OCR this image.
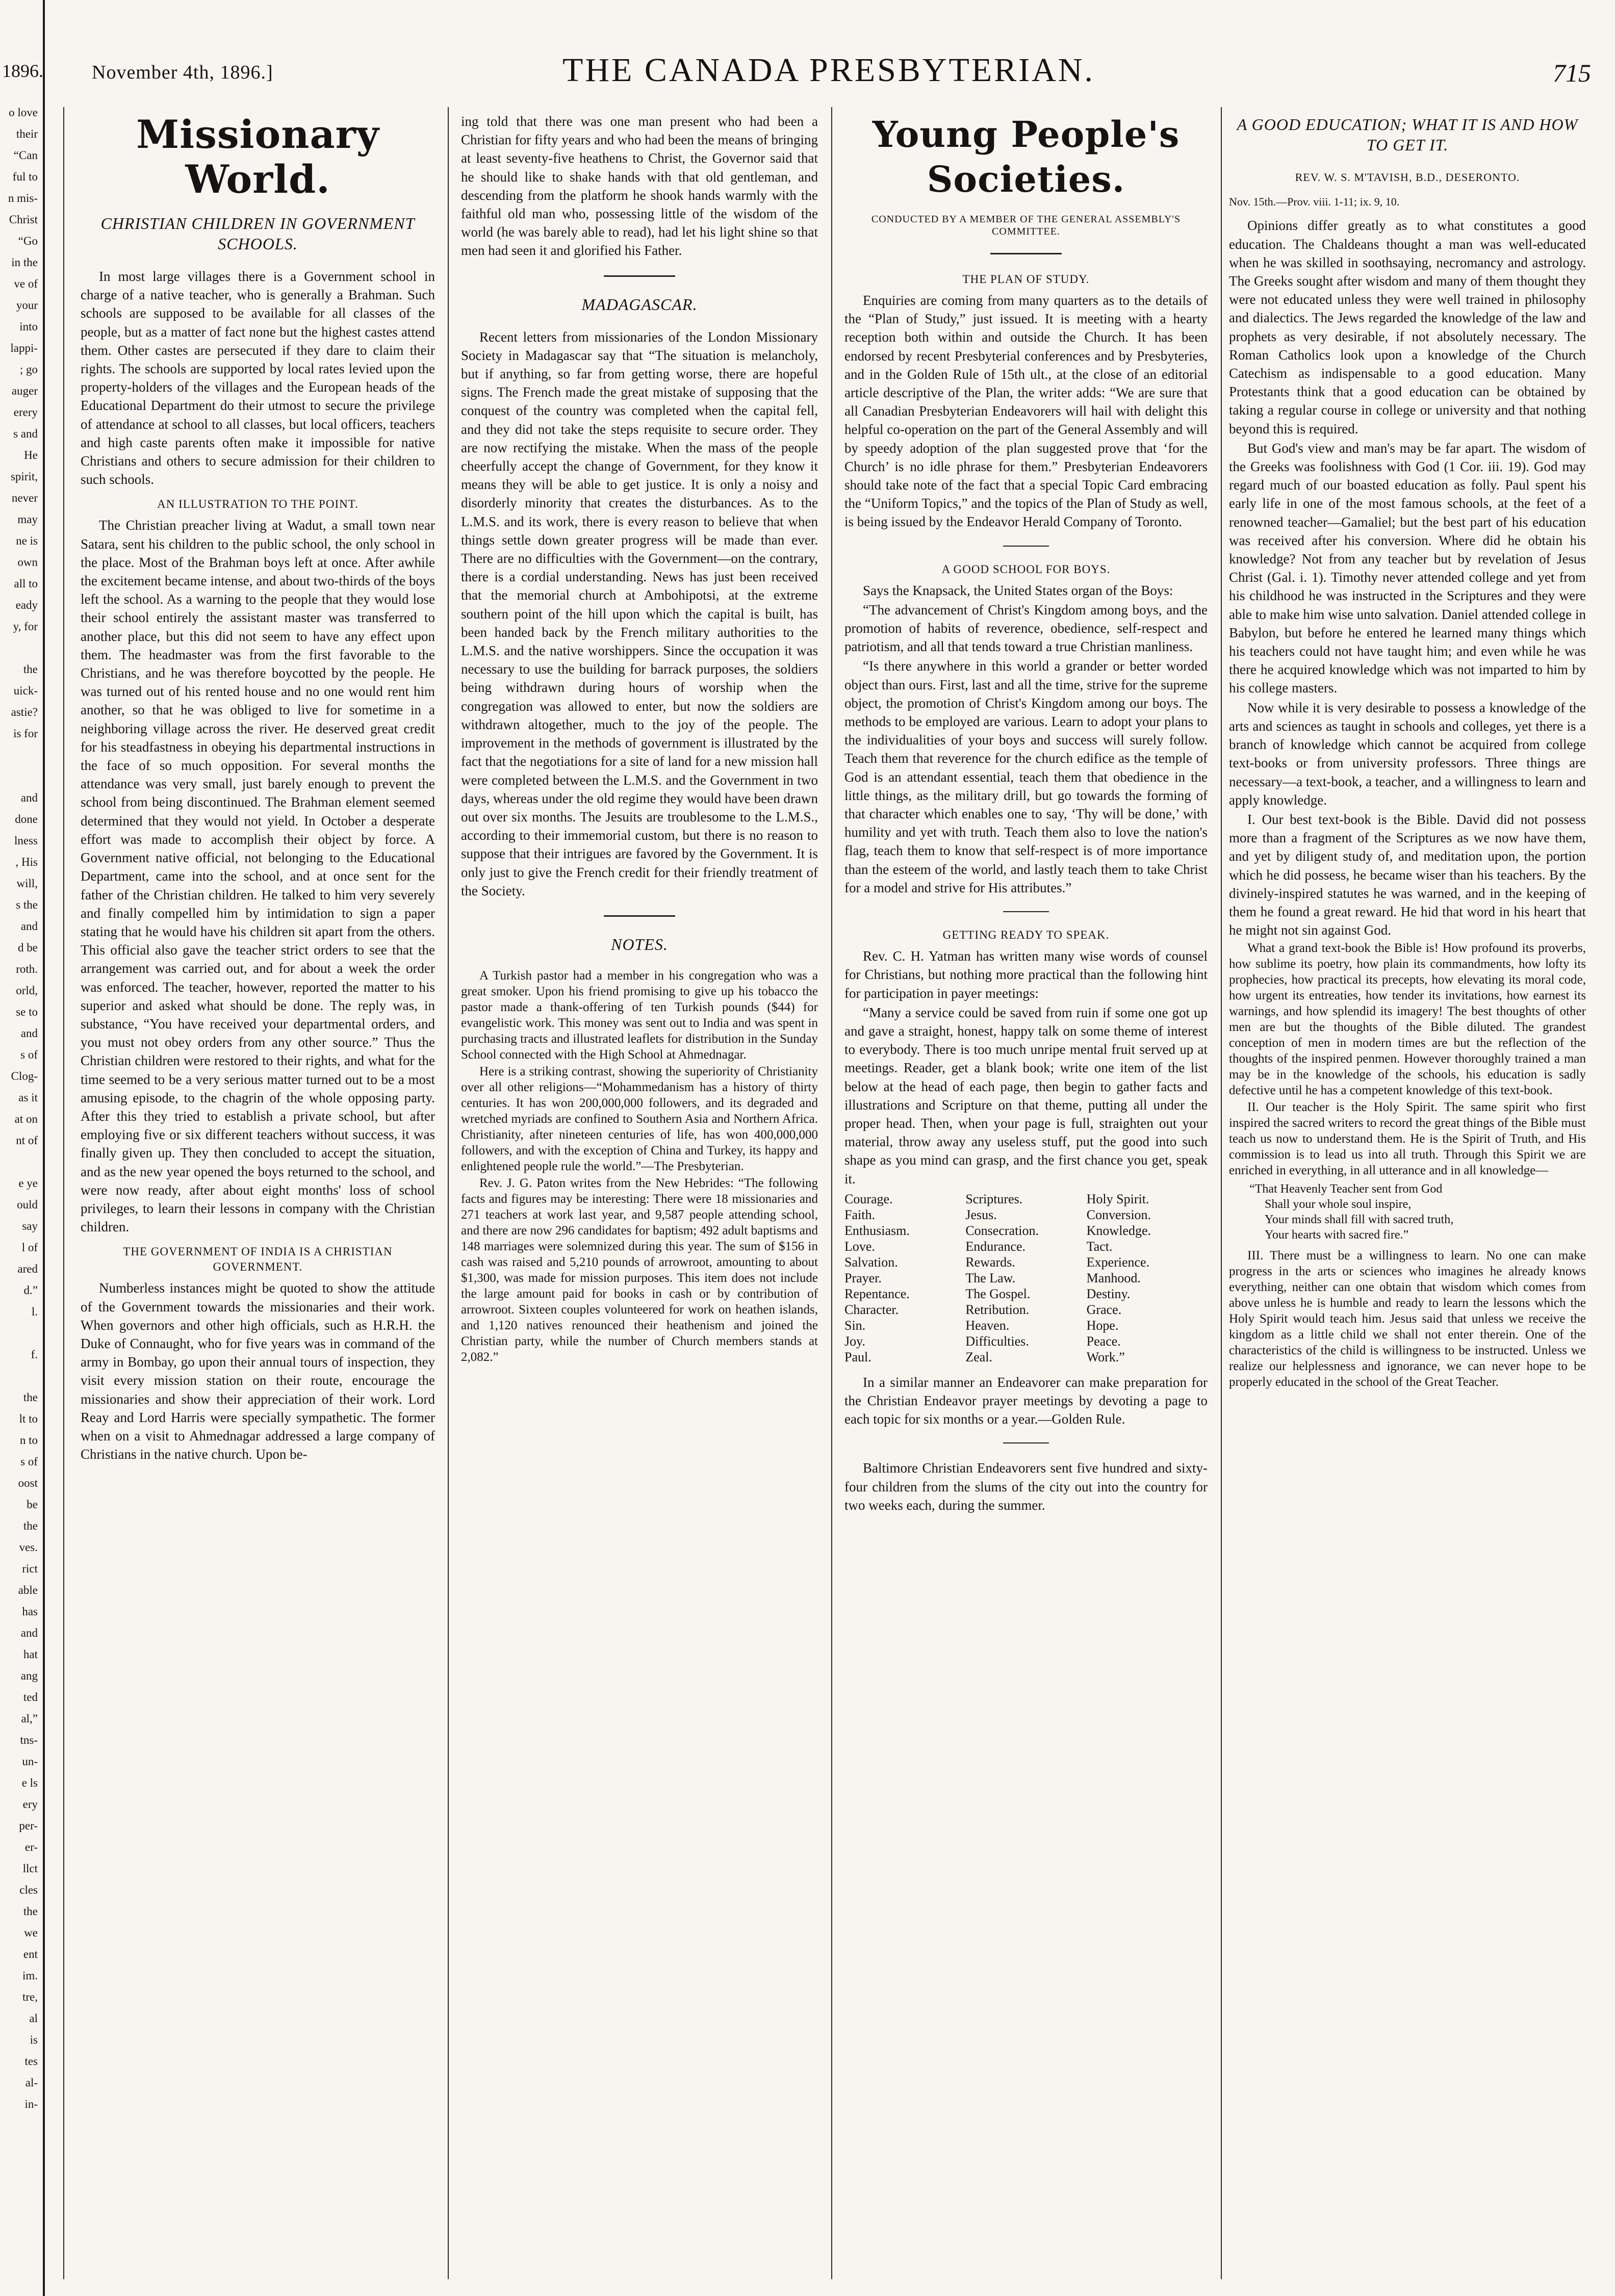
o love
their
“Can
ful to
n mis-
Christ
“Go
in the
ve of
your
into
lappi-
; go
auger
erery
s and
He
spirit,
never
may
ne is
own
all to
eady
y, for

the
uick-
astie?
is for

and
done
lness
, His
will,
s the
and
d be
roth.
orld,
se to
and
s of
Clog-
as it
at on
nt of

e ye
ould
say
l of
ared
d.”
l.

f.

the
lt to
n to
s of
oost
be
the
ves.
rict
able
has
and
hat
ang
ted
al,”
tns-
un-
e ls
ery
per-
er-
llct
cles
the
we
ent
im.
tre,
al
is
tes
al-
in-
1896.	November 4th, 1896.]	THE CANADA PRESBYTERIAN.	715
Missionary World.
CHRISTIAN CHILDREN IN GOVERNMENT SCHOOLS.

In most large villages there is a Government school in charge of a native teacher, who is generally a Brahman. Such schools are supposed to be available for all classes of the people, but as a matter of fact none but the highest castes attend them. Other castes are persecuted if they dare to claim their rights. The schools are supported by local rates levied upon the property-holders of the villages and the European heads of the Educational Department do their utmost to secure the privilege of attendance at school to all classes, but local officers, teachers and high caste parents often make it impossible for native Christians and others to secure admission for their children to such schools.

AN ILLUSTRATION TO THE POINT.

The Christian preacher living at Wadut, a small town near Satara, sent his children to the public school, the only school in the place. Most of the Brahman boys left at once. After awhile the excitement became intense, and about two-thirds of the boys left the school. As a warning to the people that they would lose their school entirely the assistant master was transferred to another place, but this did not seem to have any effect upon them. The headmaster was from the first favorable to the Christians, and he was therefore boycotted by the people. He was turned out of his rented house and no one would rent him another, so that he was obliged to live for sometime in a neighboring village across the river. He deserved great credit for his steadfastness in obeying his departmental instructions in the face of so much opposition. For several months the attendance was very small, just barely enough to prevent the school from being discontinued. The Brahman element seemed determined that they would not yield. In October a desperate effort was made to accomplish their object by force. A Government native official, not belonging to the Educational Department, came into the school, and at once sent for the father of the Christian children. He talked to him very severely and finally compelled him by intimidation to sign a paper stating that he would have his children sit apart from the others. This official also gave the teacher strict orders to see that the arrangement was carried out, and for about a week the order was enforced. The teacher, however, reported the matter to his superior and asked what should be done. The reply was, in substance, “You have received your departmental orders, and you must not obey orders from any other source.” Thus the Christian children were restored to their rights, and what for the time seemed to be a very serious matter turned out to be a most amusing episode, to the chagrin of the whole opposing party. After this they tried to establish a private school, but after employing five or six different teachers without success, it was finally given up. They then concluded to accept the situation, and as the new year opened the boys returned to the school, and were now ready, after about eight months' loss of school privileges, to learn their lessons in company with the Christian children.

THE GOVERNMENT OF INDIA IS A CHRISTIAN GOVERNMENT.

Numberless instances might be quoted to show the attitude of the Government towards the missionaries and their work. When governors and other high officials, such as H.R.H. the Duke of Connaught, who for five years was in command of the army in Bombay, go upon their annual tours of inspection, they visit every mission station on their route, encourage the missionaries and show their appreciation of their work. Lord Reay and Lord Harris were specially sympathetic. The former when on a visit to Ahmednagar addressed a large company of Christians in the native church. Upon be-

ing told that there was one man present who had been a Christian for fifty years and who had been the means of bringing at least seventy-five heathens to Christ, the Governor said that he should like to shake hands with that old gentleman, and descending from the platform he shook hands warmly with the faithful old man who, possessing little of the wisdom of the world (he was barely able to read), had let his light shine so that men had seen it and glorified his Father.

MADAGASCAR.

Recent letters from missionaries of the London Missionary Society in Madagascar say that “The situation is melancholy, but if anything, so far from getting worse, there are hopeful signs. The French made the great mistake of supposing that the conquest of the country was completed when the capital fell, and they did not take the steps requisite to secure order. They are now rectifying the mistake. When the mass of the people cheerfully accept the change of Government, for they know it means they will be able to get justice. It is only a noisy and disorderly minority that creates the disturbances. As to the L.M.S. and its work, there is every reason to believe that when things settle down greater progress will be made than ever. There are no difficulties with the Government—on the contrary, there is a cordial understanding. News has just been received that the memorial church at Ambohipotsi, at the extreme southern point of the hill upon which the capital is built, has been handed back by the French military authorities to the L.M.S. and the native worshippers. Since the occupation it was necessary to use the building for barrack purposes, the soldiers being withdrawn during hours of worship when the congregation was allowed to enter, but now the soldiers are withdrawn altogether, much to the joy of the people. The improvement in the methods of government is illustrated by the fact that the negotiations for a site of land for a new mission hall were completed between the L.M.S. and the Government in two days, whereas under the old regime they would have been drawn out over six months. The Jesuits are troublesome to the L.M.S., according to their immemorial custom, but there is no reason to suppose that their intrigues are favored by the Government. It is only just to give the French credit for their friendly treatment of the Society.

NOTES.

A Turkish pastor had a member in his congregation who was a great smoker. Upon his friend promising to give up his tobacco the pastor made a thank-offering of ten Turkish pounds ($44) for evangelistic work. This money was sent out to India and was spent in purchasing tracts and illustrated leaflets for distribution in the Sunday School connected with the High School at Ahmednagar.

Here is a striking contrast, showing the superiority of Christianity over all other religions—“Mohammedanism has a history of thirty centuries. It has won 200,000,000 followers, and its degraded and wretched myriads are confined to Southern Asia and Northern Africa. Christianity, after nineteen centuries of life, has won 400,000,000 followers, and with the exception of China and Turkey, its happy and enlightened people rule the world.”—The Presbyterian.

Rev. J. G. Paton writes from the New Hebrides: “The following facts and figures may be interesting: There were 18 missionaries and 271 teachers at work last year, and 9,587 people attending school, and there are now 296 candidates for baptism; 492 adult baptisms and 148 marriages were solemnized during this year. The sum of $156 in cash was raised and 5,210 pounds of arrowroot, amounting to about $1,300, was made for mission purposes. This item does not include the large amount paid for books in cash or by contribution of arrowroot. Sixteen couples volunteered for work on heathen islands, and 1,120 natives renounced their heathenism and joined the Christian party, while the number of Church members stands at 2,082.”

Young People's Societies.
CONDUCTED BY A MEMBER OF THE GENERAL ASSEMBLY'S COMMITTEE.
THE PLAN OF STUDY.

Enquiries are coming from many quarters as to the details of the “Plan of Study,” just issued. It is meeting with a hearty reception both within and outside the Church. It has been endorsed by recent Presbyterial conferences and by Presbyteries, and in the Golden Rule of 15th ult., at the close of an editorial article descriptive of the Plan, the writer adds: “We are sure that all Canadian Presbyterian Endeavorers will hail with delight this helpful co-operation on the part of the General Assembly and will by speedy adoption of the plan suggested prove that ‘for the Church’ is no idle phrase for them.” Presbyterian Endeavorers should take note of the fact that a special Topic Card embracing the “Uniform Topics,” and the topics of the Plan of Study as well, is being issued by the Endeavor Herald Company of Toronto.

A GOOD SCHOOL FOR BOYS.

Says the Knapsack, the United States organ of the Boys:

“The advancement of Christ's Kingdom among boys, and the promotion of habits of reverence, obedience, self-respect and patriotism, and all that tends toward a true Christian manliness.

“Is there anywhere in this world a grander or better worded object than ours. First, last and all the time, strive for the supreme object, the promotion of Christ's Kingdom among our boys. The methods to be employed are various. Learn to adopt your plans to the individualities of your boys and success will surely follow. Teach them that reverence for the church edifice as the temple of God is an attendant essential, teach them that obedience in the little things, as the military drill, but go towards the forming of that character which enables one to say, ‘Thy will be done,’ with humility and yet with truth. Teach them also to love the nation's flag, teach them to know that self-respect is of more importance than the esteem of the world, and lastly teach them to take Christ for a model and strive for His attributes.”

GETTING READY TO SPEAK.

Rev. C. H. Yatman has written many wise words of counsel for Christians, but nothing more practical than the following hint for participation in payer meetings:

“Many a service could be saved from ruin if some one got up and gave a straight, honest, happy talk on some theme of interest to everybody. There is too much unripe mental fruit served up at meetings. Reader, get a blank book; write one item of the list below at the head of each page, then begin to gather facts and illustrations and Scripture on that theme, putting all under the proper head. Then, when your page is full, straighten out your material, throw away any useless stuff, put the good into such shape as you mind can grasp, and the first chance you get, speak it.

Courage.	Scriptures.	Holy Spirit.
Faith.	Jesus.	Conversion.
Enthusiasm.	Consecration.	Knowledge.
Love.	Endurance.	Tact.
Salvation.	Rewards.	Experience.
Prayer.	The Law.	Manhood.
Repentance.	The Gospel.	Destiny.
Character.	Retribution.	Grace.
Sin.	Heaven.	Hope.
Joy.	Difficulties.	Peace.
Paul.	Zeal.	Work.”

In a similar manner an Endeavorer can make preparation for the Christian Endeavor prayer meetings by devoting a page to each topic for six months or a year.—Golden Rule.

Baltimore Christian Endeavorers sent five hundred and sixty-four children from the slums of the city out into the country for two weeks each, during the summer.

A GOOD EDUCATION; WHAT IT IS AND HOW TO GET IT.
REV. W. S. M'TAVISH, B.D., DESERONTO.
Nov. 15th.—Prov. viii. 1-11; ix. 9, 10.

Opinions differ greatly as to what constitutes a good education. The Chaldeans thought a man was well-educated when he was skilled in soothsaying, necromancy and astrology. The Greeks sought after wisdom and many of them thought they were not educated unless they were well trained in philosophy and dialectics. The Jews regarded the knowledge of the law and prophets as very desirable, if not absolutely necessary. The Roman Catholics look upon a knowledge of the Church Catechism as indispensable to a good education. Many Protestants think that a good education can be obtained by taking a regular course in college or university and that nothing beyond this is required.

But God's view and man's may be far apart. The wisdom of the Greeks was foolishness with God (1 Cor. iii. 19). God may regard much of our boasted education as folly. Paul spent his early life in one of the most famous schools, at the feet of a renowned teacher—Gamaliel; but the best part of his education was received after his conversion. Where did he obtain his knowledge? Not from any teacher but by revelation of Jesus Christ (Gal. i. 1). Timothy never attended college and yet from his childhood he was instructed in the Scriptures and they were able to make him wise unto salvation. Daniel attended college in Babylon, but before he entered he learned many things which his teachers could not have taught him; and even while he was there he acquired knowledge which was not imparted to him by his college masters.

Now while it is very desirable to possess a knowledge of the arts and sciences as taught in schools and colleges, yet there is a branch of knowledge which cannot be acquired from college text-books or from university professors. Three things are necessary—a text-book, a teacher, and a willingness to learn and apply knowledge.

I. Our best text-book is the Bible. David did not possess more than a fragment of the Scriptures as we now have them, and yet by diligent study of, and meditation upon, the portion which he did possess, he became wiser than his teachers. By the divinely-inspired statutes he was warned, and in the keeping of them he found a great reward. He hid that word in his heart that he might not sin against God.

What a grand text-book the Bible is! How profound its proverbs, how sublime its poetry, how plain its commandments, how lofty its prophecies, how practical its precepts, how elevating its moral code, how urgent its entreaties, how tender its invitations, how earnest its warnings, and how splendid its imagery! The best thoughts of other men are but the thoughts of the Bible diluted. The grandest conception of men in modern times are but the reflection of the thoughts of the inspired penmen. However thoroughly trained a man may be in the knowledge of the schools, his education is sadly defective until he has a competent knowledge of this text-book.

II. Our teacher is the Holy Spirit. The same spirit who first inspired the sacred writers to record the great things of the Bible must teach us now to understand them. He is the Spirit of Truth, and His commission is to lead us into all truth. Through this Spirit we are enriched in everything, in all utterance and in all knowledge—

“That Heavenly Teacher sent from God
Shall your whole soul inspire,
Your minds shall fill with sacred truth,
Your hearts with sacred fire.”

III. There must be a willingness to learn. No one can make progress in the arts or sciences who imagines he already knows everything, neither can one obtain that wisdom which comes from above unless he is humble and ready to learn the lessons which the Holy Spirit would teach him. Jesus said that unless we receive the kingdom as a little child we shall not enter therein. One of the characteristics of the child is willingness to be instructed. Unless we realize our helplessness and ignorance, we can never hope to be properly educated in the school of the Great Teacher.
